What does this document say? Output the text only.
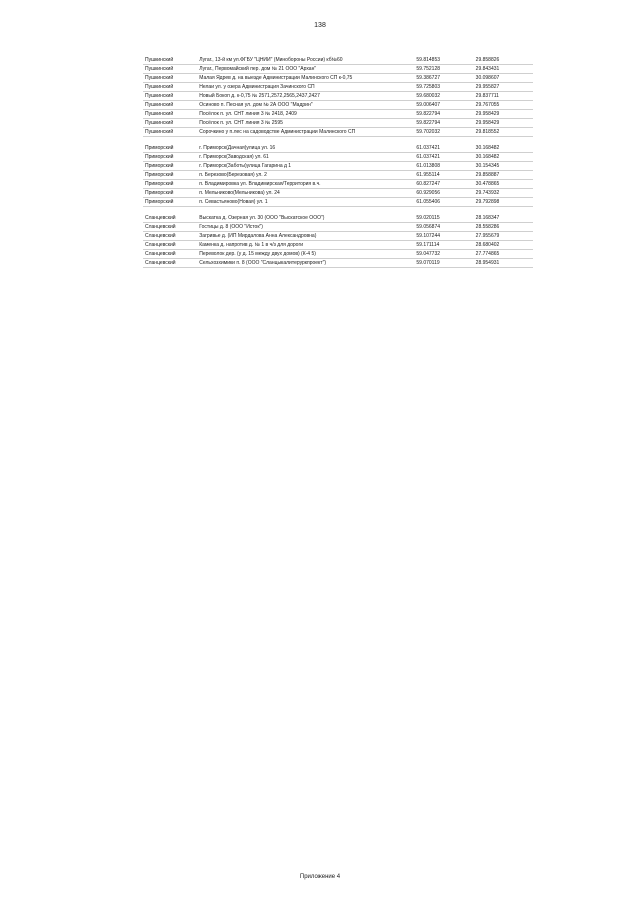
138
Пушкинский	Лугаг., 13-й км ул.ФГБУ "ЦНИИ" (Минобороны России) кб№60	59.814853	29.858826
Пушкинский	Лугаг., Первомайский пер. дом № 21 ООО "Архан"	59.752128	29.843431
Пушкинский	Малая Ядрев д. на выезде Администрации Малинского СП к-0,75	59.386727	30.098607
Пушкинский	Нелаи ул. у озера Администрация Зачинского СП	59.725803	29.955827
Пушкинский	Новый Бокоп д. к-0,75 № 2571,2572,2565,2437,2427	59.680032	29.837711
Пушкинский	Осиново п. Песная ул. дом № 2А ООО "Мадрин"	59.006407	29.767055
Пушкинский	Посёлок п. ул. СНТ линия 3 № 2418, 2409	59.822794	29.958429
Пушкинский	Посёлок п. ул. СНТ линия 3 № 2595	59.822794	29.958429
Пушкинский	Сорочкино у п.лес на садоводстве Администрации Малинского СП	59.702032	29.818552

Приморский	г. Приморск(Дачная)улица ул. 16	61.037421	30.168482
Приморский	г. Приморск(Заводская) ул. 61	61.037421	30.168482
Приморский	г. Приморск(Заботы)улица Гагарина д 1	61.013808	30.154345
Приморский	п. Березово(Березовая) ул. 2	61.955114	29.858887
Приморский	п. Владимировка ул. Владимирская/Территория в.ч.	60.827247	30.478865
Приморский	п. Мельниково(Мельникова) ул. 24	60.929056	29.743932
Приморский	п. Севастьяново(Новая) ул. 1	61.055406	29.792898

Сланцевский	Выскатка д. Озерная ул. 30 (ООО "Выскатское ООО")	59.020115	28.168347
Сланцевский	Гостицы д. 8 (ООО "Исток")	59.056874	28.558286
Сланцевский	Загривье д. (ИП Мирдалова Анна Александровна)	59.107244	27.955679
Сланцевский	Каменка д. напротив д. № 1 в ч/з для дороги	59.171114	28.680402
Сланцевский	Переволок дер. (у д. 15 между двух домов) (К-4 5)	59.047732	27.774865
Сланцевский	Сельхозхимики п. 8 (ООО "Сланцыкалитеруркпроект")	59.070119	28.954931
Приложение 4
